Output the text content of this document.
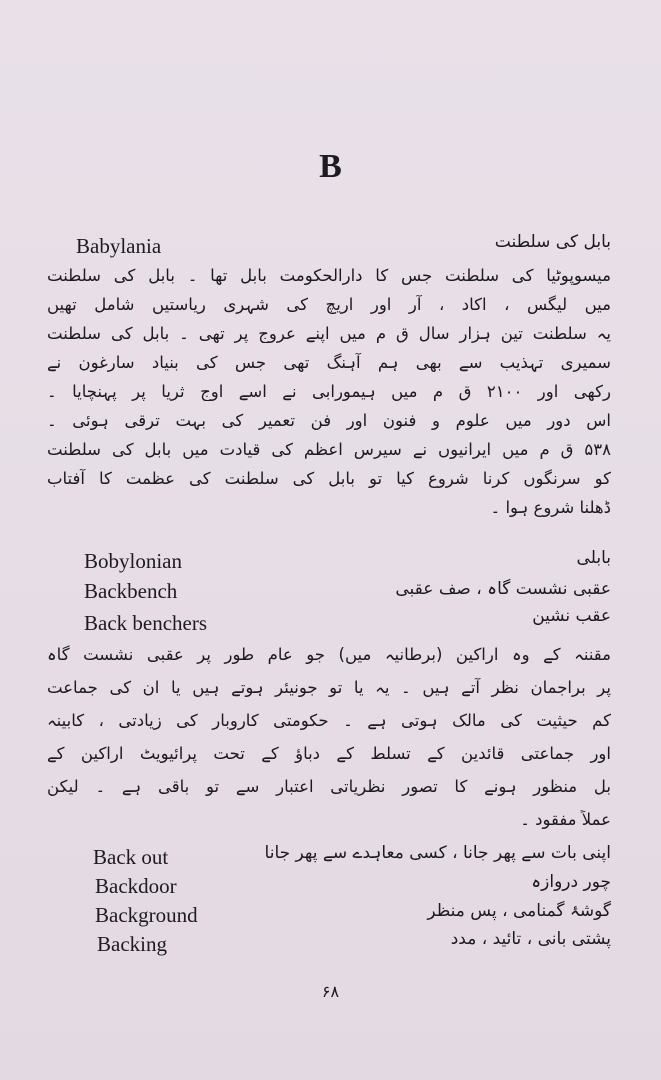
B
Babylania	بابل کی سلطنت
میسوپوٹیا کی سلطنت جس کا دارالحکومت بابل تھا ۔ بابل کی سلطنت
میں لیگس ، اکاد ، آر اور اریچ کی شہری ریاستیں شامل تھیں
یہ سلطنت تین ہزار سال ق م میں اپنے عروج پر تھی ۔ بابل کی سلطنت
سمیری تہذیب سے بھی ہم آہنگ تھی جس کی بنیاد سارغون نے
رکھی اور ۲۱۰۰ ق م میں ہیمورابی نے اسے اوج ثریا پر پہنچایا ۔
اس دور میں علوم و فنون اور فن تعمیر کی بہت ترقی ہوئی ۔
۵۳۸ ق م میں ایرانیوں نے سیرس اعظم کی قیادت میں بابل کی سلطنت
کو سرنگوں کرنا شروع کیا تو بابل کی سلطنت کی عظمت کا آفتاب
ڈھلنا شروع ہوا ۔
Bobylonian	بابلی
Backbench	عقبی نشست گاہ ، صف عقبی
Back benchers	عقب نشین
مقننہ کے وہ اراکین (برطانیہ میں) جو عام طور پر عقبی نشست گاہ
پر براجمان نظر آتے ہیں ۔ یہ یا تو جونیئر ہوتے ہیں یا ان کی جماعت
کم حیثیت کی مالک ہوتی ہے ۔ حکومتی کاروبار کی زیادتی ، کابینہ
اور جماعتی قائدین کے تسلط کے دباؤ کے تحت پرائیویٹ اراکین کے
بل منظور ہونے کا تصور نظریاتی اعتبار سے تو باقی ہے ۔ لیکن
عملاً مفقود ۔
Back out	اپنی بات سے پھر جانا ، کسی معاہدے سے پھر جانا
Backdoor	چور دروازہ
Background	گوشۂ گمنامی ، پس منظر
Backing	پشتی بانی ، تائید ، مدد
۶۸
